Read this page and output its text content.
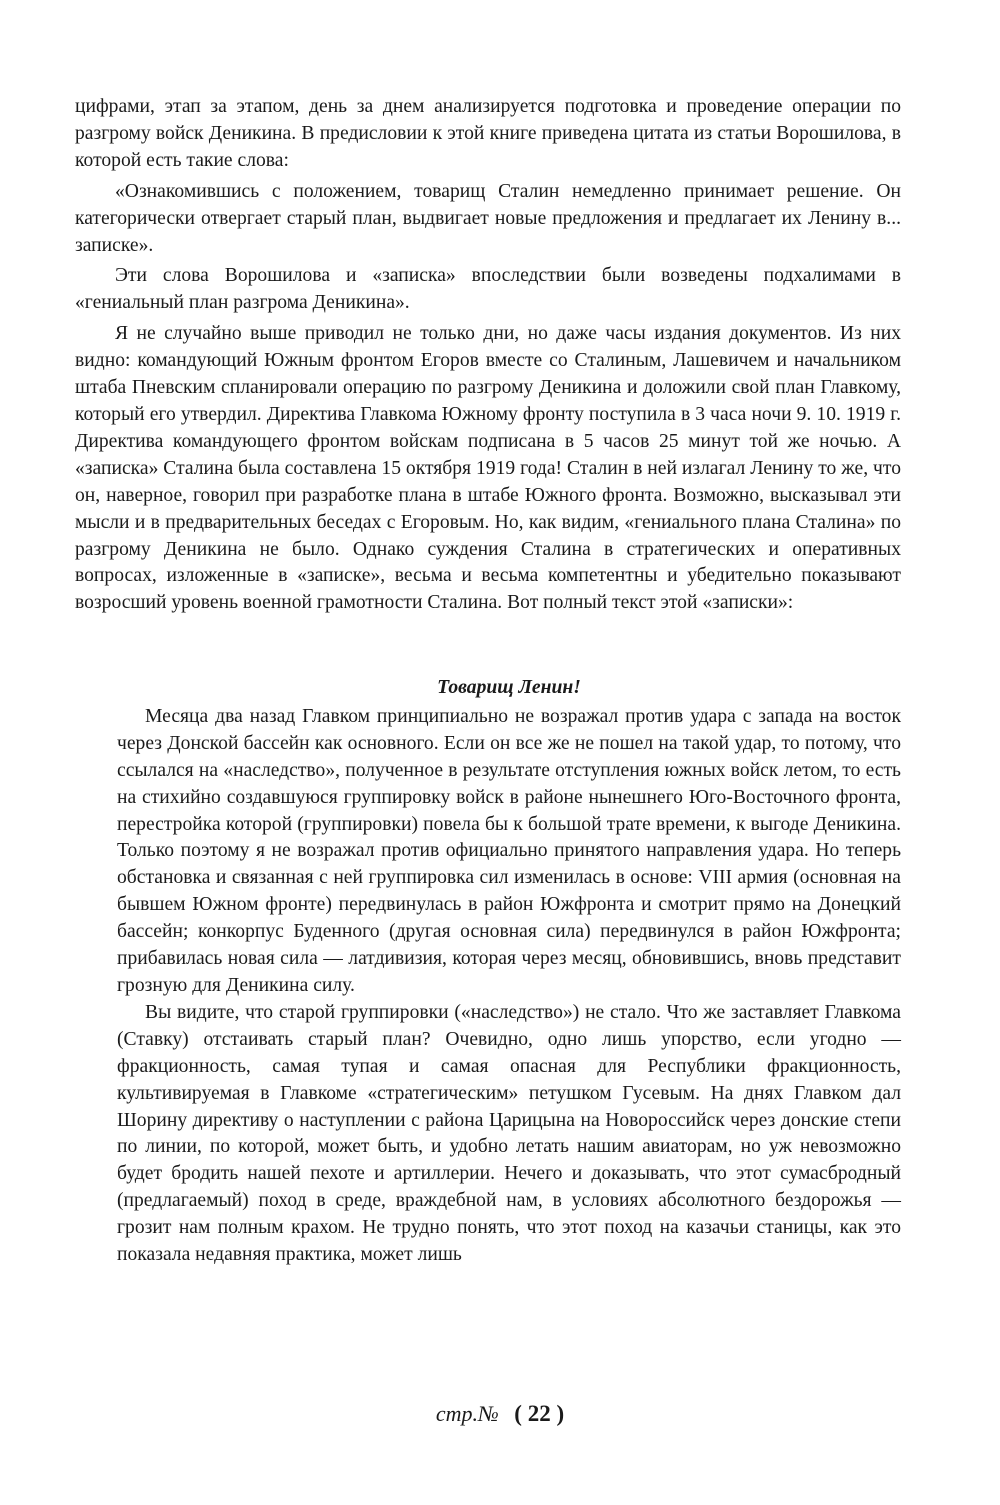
цифрами, этап за этапом, день за днем анализируется подготовка и проведение операции по разгрому войск Деникина. В предисловии к этой книге приведена цитата из статьи Ворошилова, в которой есть такие слова:

«Ознакомившись с положением, товарищ Сталин немедленно принимает решение. Он категорически отвергает старый план, выдвигает новые предложения и предлагает их Ленину в... записке».

Эти слова Ворошилова и «записка» впоследствии были возведены подхалимами в «гениальный план разгрома Деникина».

Я не случайно выше приводил не только дни, но даже часы издания документов. Из них видно: командующий Южным фронтом Егоров вместе со Сталиным, Лашевичем и начальником штаба Пневским спланировали операцию по разгрому Деникина и доложили свой план Главкому, который его утвердил. Директива Главкома Южному фронту поступила в 3 часа ночи 9. 10. 1919 г. Директива командующего фронтом войскам подписана в 5 часов 25 минут той же ночью. А «записка» Сталина была составлена 15 октября 1919 года! Сталин в ней излагал Ленину то же, что он, наверное, говорил при разработке плана в штабе Южного фронта. Возможно, высказывал эти мысли и в предварительных беседах с Егоровым. Но, как видим, «гениального плана Сталина» по разгрому Деникина не было. Однако суждения Сталина в стратегических и оперативных вопросах, изложенные в «записке», весьма и весьма компетентны и убедительно показывают возросший уровень военной грамотности Сталина. Вот полный текст этой «записки»:

Товарищ Ленин!

Месяца два назад Главком принципиально не возражал против удара с запада на восток через Донской бассейн как основного. Если он все же не пошел на такой удар, то потому, что ссылался на «наследство», полученное в результате отступления южных войск летом, то есть на стихийно создавшуюся группировку войск в районе нынешнего Юго-Восточного фронта, перестройка которой (группировки) повела бы к большой трате времени, к выгоде Деникина. Только поэтому я не возражал против официально принятого направления удара. Но теперь обстановка и связанная с ней группировка сил изменилась в основе: VIII армия (основная на бывшем Южном фронте) передвинулась в район Южфронта и смотрит прямо на Донецкий бассейн; конкорпус Буденного (другая основная сила) передвинулся в район Южфронта; прибавилась новая сила — латдивизия, которая через месяц, обновившись, вновь представит грозную для Деникина силу.

Вы видите, что старой группировки («наследство») не стало. Что же заставляет Главкома (Ставку) отстаивать старый план? Очевидно, одно лишь упорство, если угодно — фракционность, самая тупая и самая опасная для Республики фракционность, культивируемая в Главкоме «стратегическим» петушком Гусевым. На днях Главком дал Шорину директиву о наступлении с района Царицына на Новороссийск через донские степи по линии, по которой, может быть, и удобно летать нашим авиаторам, но уж невозможно будет бродить нашей пехоте и артиллерии. Нечего и доказывать, что этот сумасбродный (предлагаемый) поход в среде, враждебной нам, в условиях абсолютного бездорожья — грозит нам полным крахом. Не трудно понять, что этот поход на казачьи станицы, как это показала недавняя практика, может лишь

стр.№ ( 22 )
